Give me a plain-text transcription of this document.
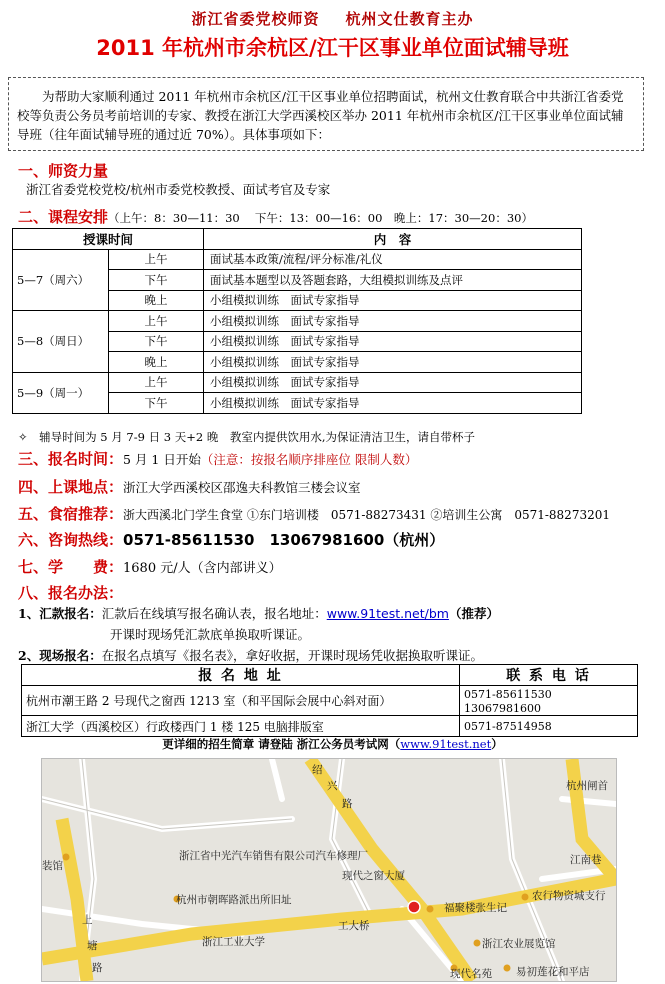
浙江省委党校师资 杭州文仕教育主办
2011 年杭州市余杭区/江干区事业单位面试辅导班
为帮助大家顺利通过 2011 年杭州市余杭区/江干区事业单位招聘面试，杭州文仕教育联合中共浙江省委党校等负责公务员考前培训的专家、教授在浙江大学西溪校区举办 2011 年杭州市余杭区/江干区事业单位面试辅导班（往年面试辅导班的通过近 70%）。具体事项如下：
一、师资力量
浙江省委党校党校/杭州市委党校教授、面试考官及专家
二、课程安排（上午：8：30—11：30　 下午：13：00—16：00　晚上：17：30—20：30）
授课时间		内　容
5—7（周六）	上午	面试基本政策/流程/评分标准/礼仪
	下午	面试基本题型以及答题套路，大组模拟训练及点评
	晚上	小组模拟训练　面试专家指导
5—8（周日）	上午	小组模拟训练　面试专家指导
	下午	小组模拟训练　面试专家指导
	晚上	小组模拟训练　面试专家指导
5—9（周一）	上午	小组模拟训练　面试专家指导
	下午	小组模拟训练　面试专家指导
✧　辅导时间为 5 月 7-9 日 3 天+2 晚　教室内提供饮用水,为保证清洁卫生，请自带杯子
三、报名时间：5 月 1 日开始（注意：按报名顺序排座位 限制人数）
四、上课地点：浙江大学西溪校区邵逸夫科教馆三楼会议室
五、食宿推荐：浙大西溪北门学生食堂 ①东门培训楼　0571-88273431 ②培训生公寓　0571-88273201
六、咨询热线：0571-85611530　13067981600（杭州）
七、学　　费：1680 元/人（含内部讲义）
八、报名办法：
1、汇款报名：汇款后在线填写报名确认表，报名地址：www.91test.net/bm（推荐）
开课时现场凭汇款底单换取听课证。
2、现场报名：在报名点填写《报名表》，拿好收据，开课时现场凭收据换取听课证。
报 名 地 址	联 系 电 话
杭州市潮王路 2 号现代之窗西 1213 室（和平国际会展中心斜对面）	0571-85611530　13067981600
浙江大学（西溪校区）行政楼西门 1 楼 125 电脑排版室	0571-87514958
更详细的招生简章 请登陆 浙江公务员考试网（www.91test.net）
绍
兴
路
杭州闸首
浙江省中光汽车销售有限公司汽车修理厂	江南巷
杭州市朝晖路派出所旧址
现代之窗大厦
农行物资城支行
福聚楼张生记
工大桥
浙江工业大学	浙江农业展览馆
现代名苑 易初莲花和平店
上
塘
路
装馆
